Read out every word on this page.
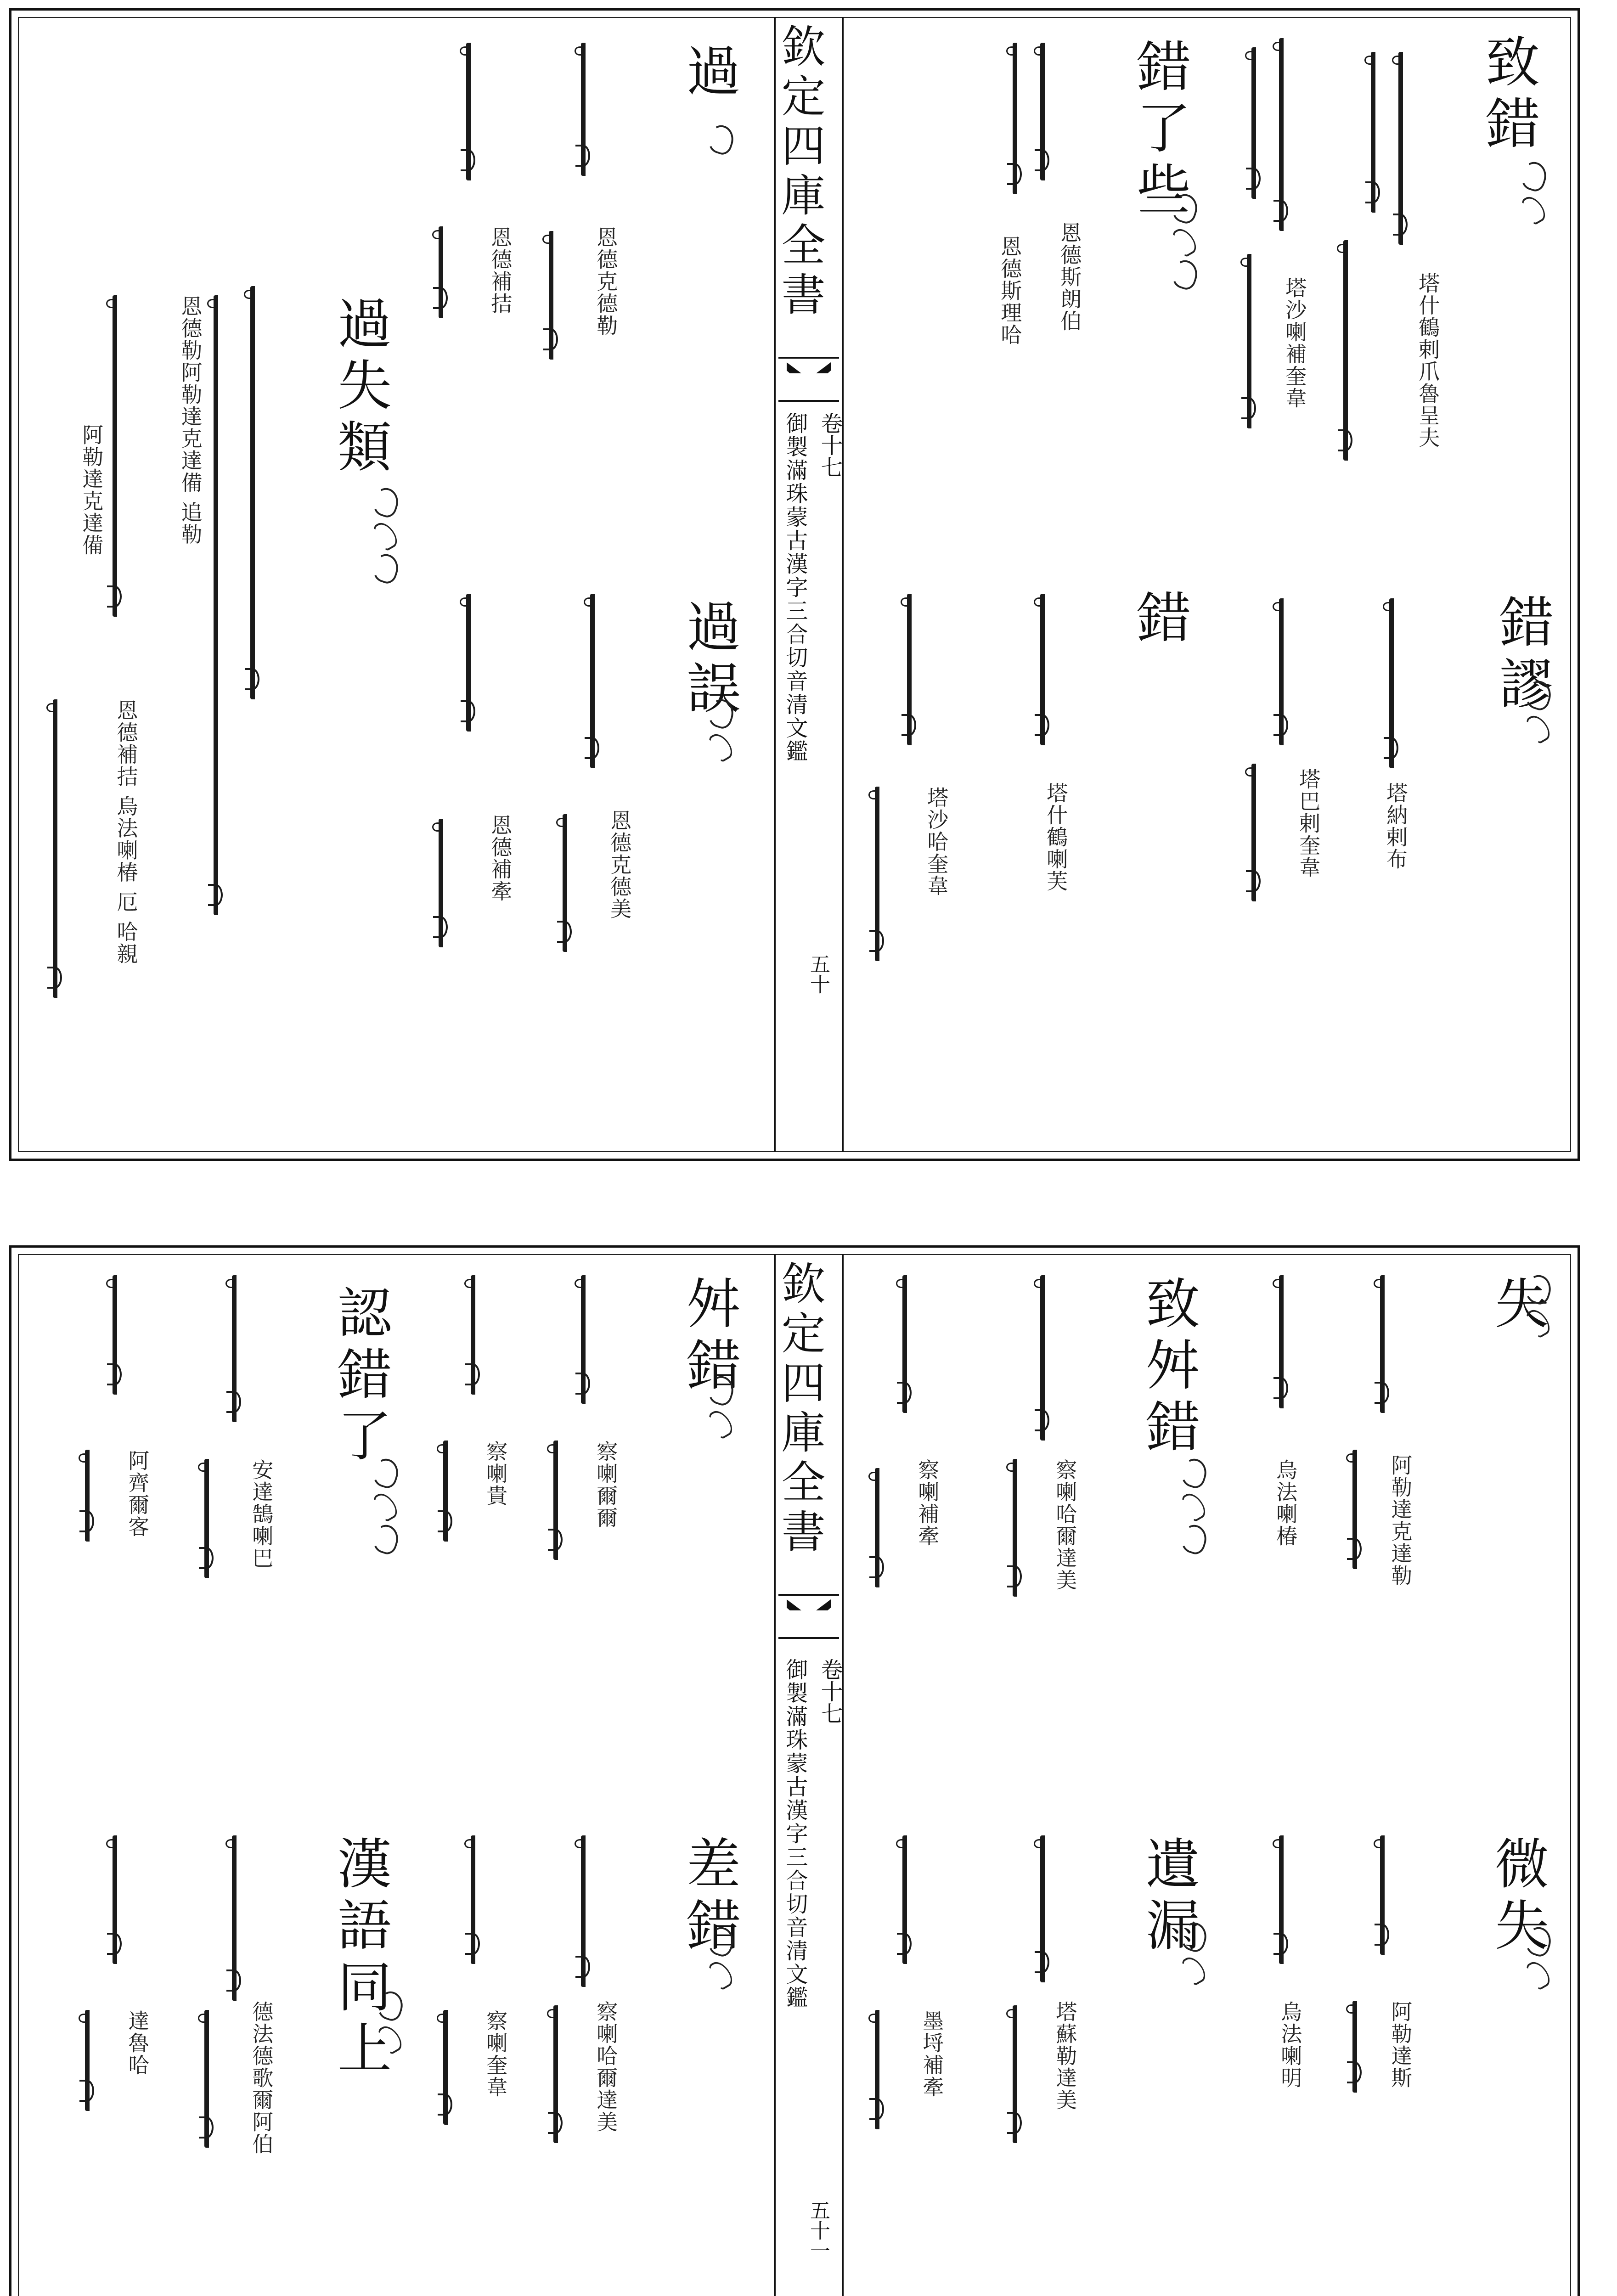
致錯
塔什鶴剌爪魯呈夫
塔沙喇補奎韋
錯了些
恩德斯朗伯
恩德斯理哈
錯謬
塔納剌布
塔巴剌奎韋
錯
塔什鶴喇芙
塔沙哈奎韋
欽定四庫全書
御製滿珠蒙古漢字三合切音清文鑑 卷十七
五十
過
恩德克德勒
恩德補拮
過誤
恩德克德美
恩德補牽
過失類
恩德勒阿勒達克達備 追勒
阿勒達克達備
恩德補拮 烏法喇椿 厄 哈親
失
阿勒達克達勒
烏法喇椿
致舛錯
察喇哈爾達美
察喇補牽
微失
阿勒達斯
烏法喇明
遺漏
塔蘇勒達美
墨埒補牽
欽定四庫全書
御製滿珠蒙古漢字三合切音清文鑑 卷十七
五十一
舛錯
察喇爾爾
察喇貴
認錯了
安達鵠喇巴
阿齊爾客
差錯
察喇哈爾達美
察喇奎韋
漢語同上
德法德歌爾阿伯
達魯哈
